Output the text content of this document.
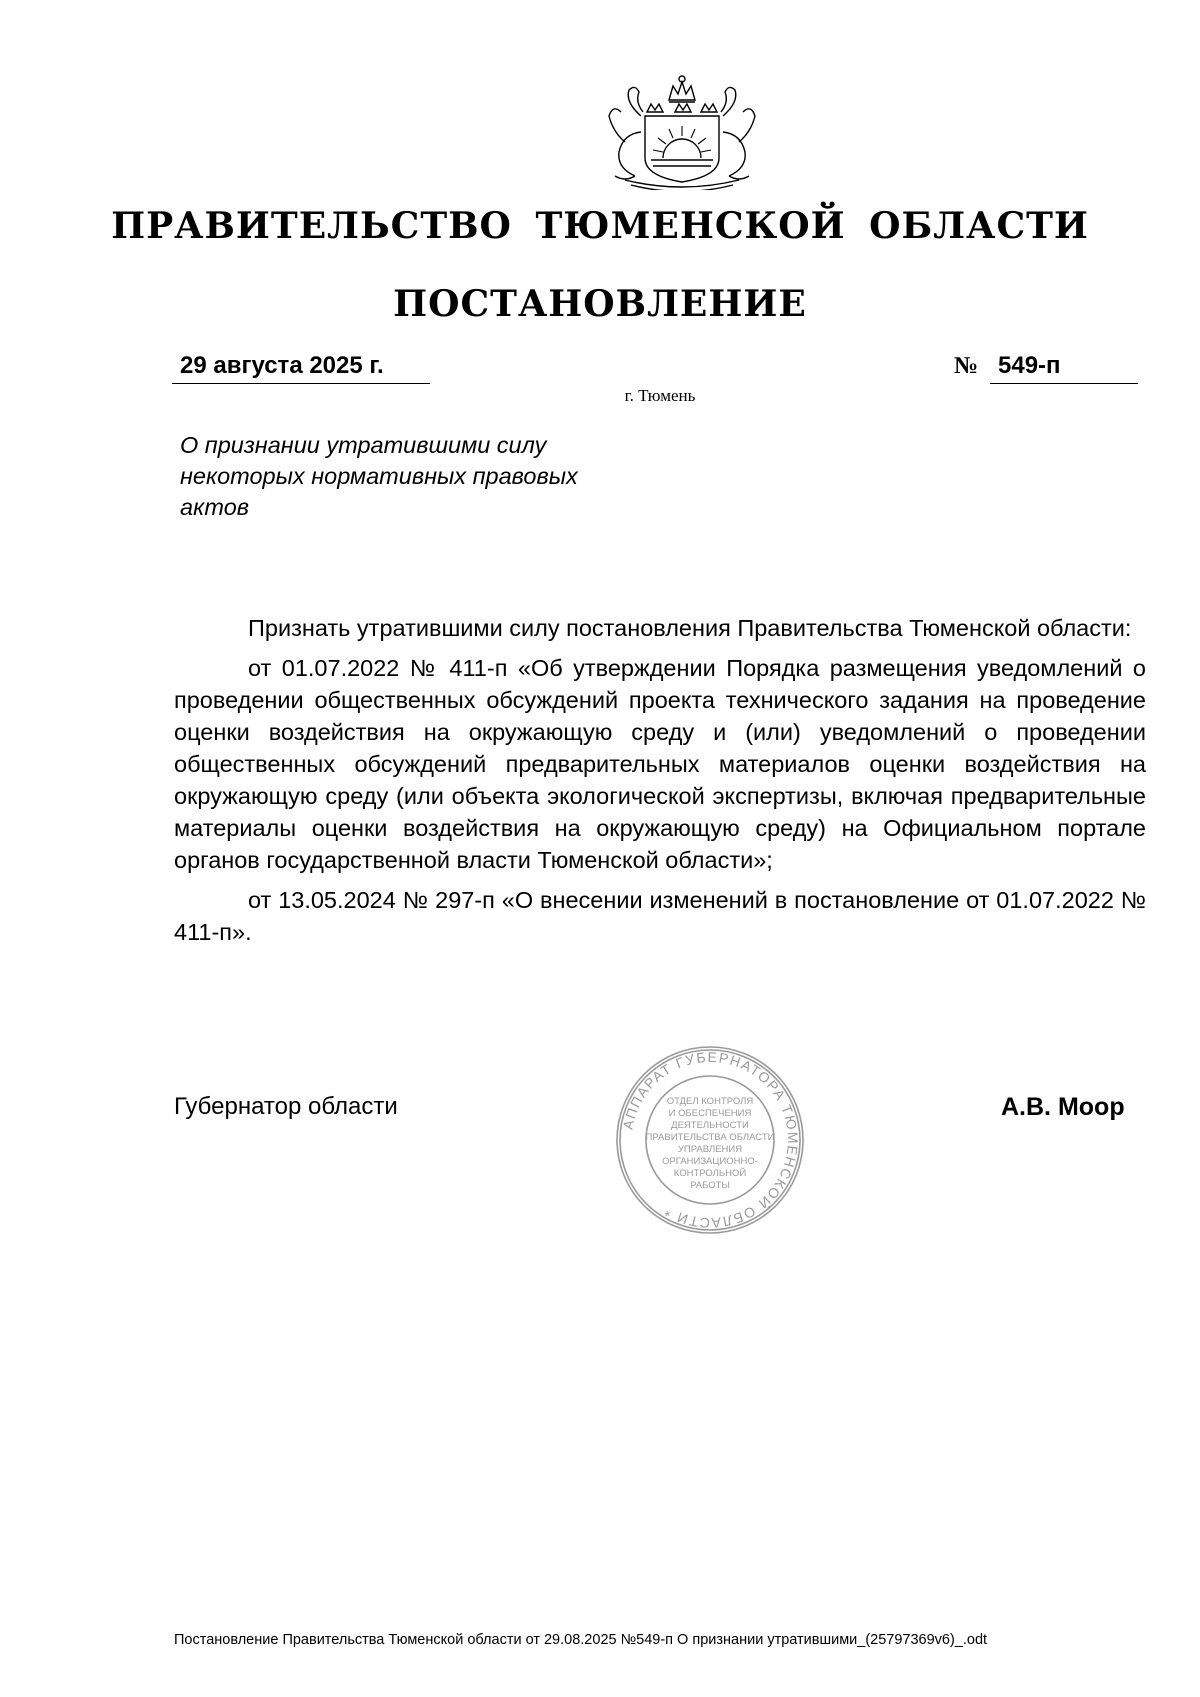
ПРАВИТЕЛЬСТВО ТЮМЕНСКОЙ ОБЛАСТИ
ПОСТАНОВЛЕНИЕ
29 августа 2025 г.	№ 549-п
г. Тюмень

О признании утратившими силу некоторых нормативных правовых актов

Признать утратившими силу постановления Правительства Тюменской области:

от 01.07.2022 № 411-п «Об утверждении Порядка размещения уведомлений о проведении общественных обсуждений проекта технического задания на проведение оценки воздействия на окружающую среду и (или) уведомлений о проведении общественных обсуждений предварительных материалов оценки воздействия на окружающую среду (или объекта экологической экспертизы, включая предварительные материалы оценки воздействия на окружающую среду) на Официальном портале органов государственной власти Тюменской области»;

от 13.05.2024 № 297-п «О внесении изменений в постановление от 01.07.2022 № 411-п».

Губернатор области
АППАРАТ ГУБЕРНАТОРА ТЮМЕНСКОЙ ОБЛАСТИ *
ОТДЕЛ КОНТРОЛЯ
И ОБЕСПЕЧЕНИЯ
ДЕЯТЕЛЬНОСТИ
ПРАВИТЕЛЬСТВА ОБЛАСТИ
УПРАВЛЕНИЯ
ОРГАНИЗАЦИОННО-
КОНТРОЛЬНОЙ
РАБОТЫ
А.В. Моор
Постановление Правительства Тюменской области от 29.08.2025 №549-п О признании утратившими_(25797369v6)_.odt
